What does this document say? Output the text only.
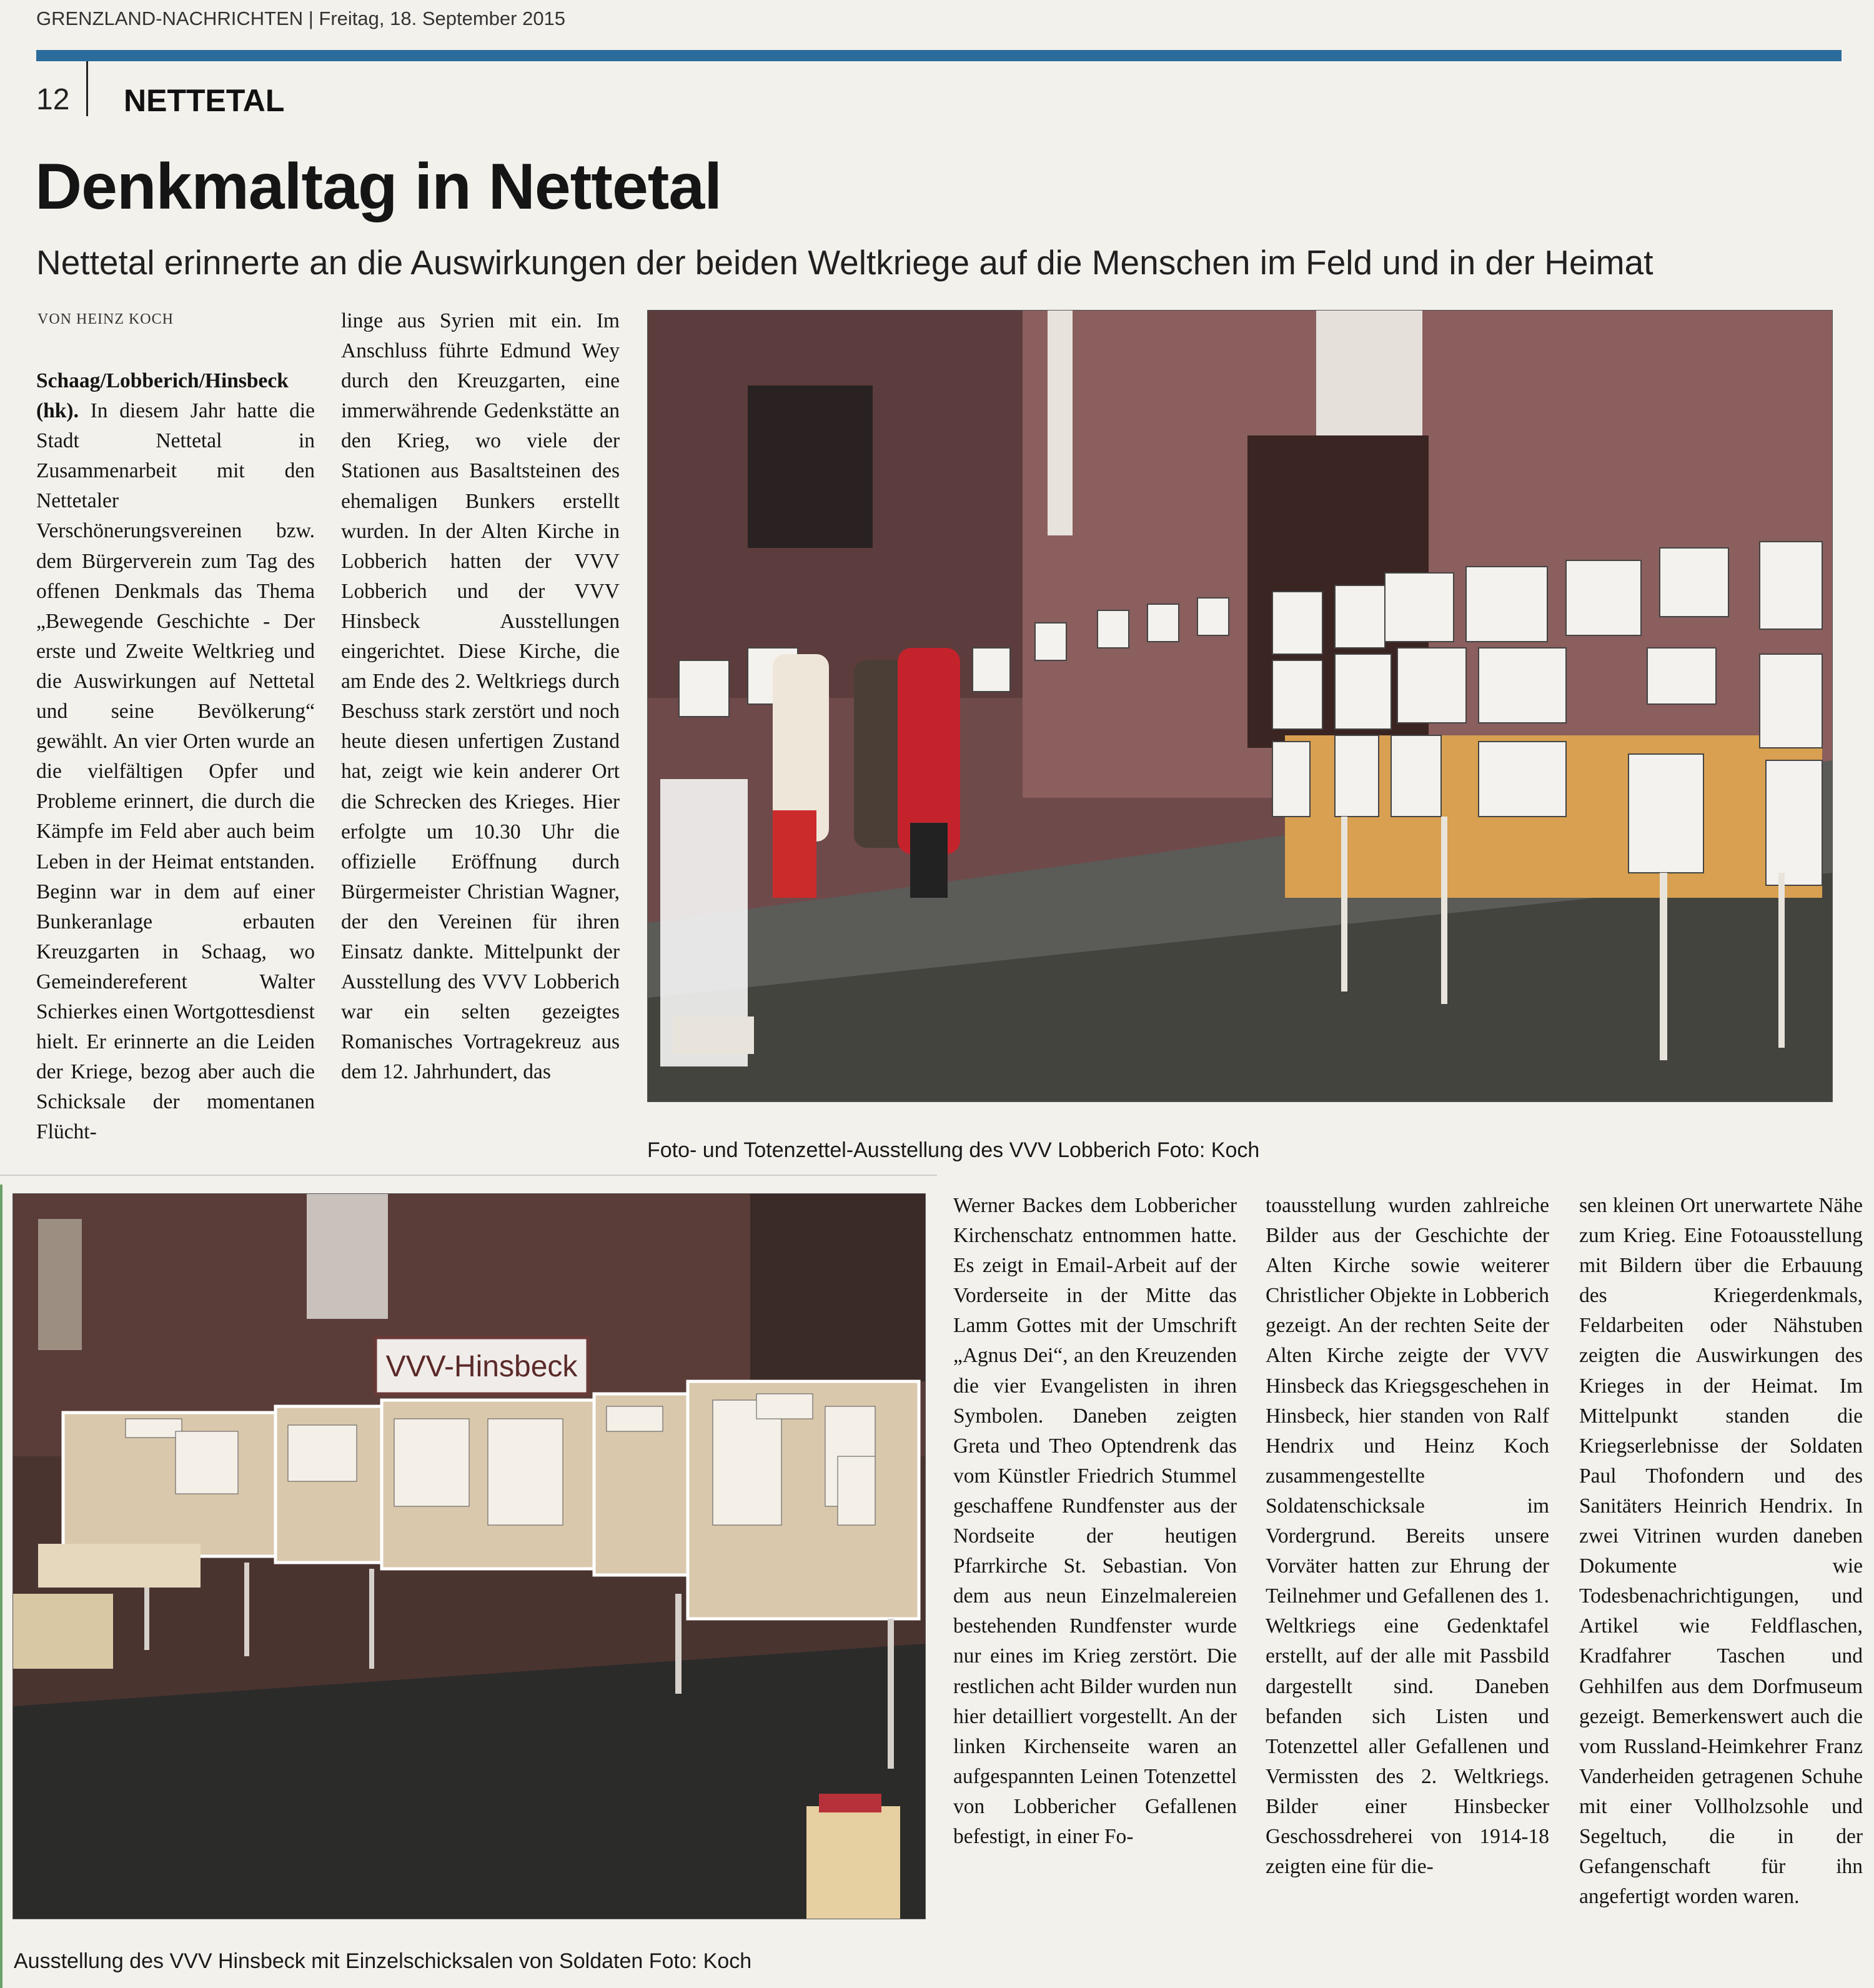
GRENZLAND-NACHRICHTEN | Freitag, 18. September 2015
12 NETTETAL
Denkmaltag in Nettetal
Nettetal erinnerte an die Auswirkungen der beiden Weltkriege auf die Menschen im Feld und in der Heimat
VON HEINZ KOCH
Schaag/Lobberich/Hinsbeck (hk). In diesem Jahr hatte die Stadt Nettetal in Zusammenarbeit mit den Nettetaler Verschönerungsvereinen bzw. dem Bürgerverein zum Tag des offenen Denkmals das Thema „Bewegende Geschichte - Der erste und Zweite Weltkrieg und die Auswirkungen auf Nettetal und seine Bevölkerung“ gewählt. An vier Orten wurde an die vielfältigen Opfer und Probleme erinnert, die durch die Kämpfe im Feld aber auch beim Leben in der Heimat entstanden. Beginn war in dem auf einer Bunkeranlage erbauten Kreuzgarten in Schaag, wo Gemeindereferent Walter Schierkes einen Wortgottesdienst hielt. Er erinnerte an die Leiden der Kriege, bezog aber auch die Schicksale der momentanen Flücht-
linge aus Syrien mit ein. Im Anschluss führte Edmund Wey durch den Kreuzgarten, eine immerwährende Gedenkstätte an den Krieg, wo viele der Stationen aus Basaltsteinen des ehemaligen Bunkers erstellt wurden. In der Alten Kirche in Lobberich hatten der VVV Lobberich und der VVV Hinsbeck Ausstellungen eingerichtet. Diese Kirche, die am Ende des 2. Weltkriegs durch Beschuss stark zerstört und noch heute diesen unfertigen Zustand hat, zeigt wie kein anderer Ort die Schrecken des Krieges. Hier erfolgte um 10.30 Uhr die offizielle Eröffnung durch Bürgermeister Christian Wagner, der den Vereinen für ihren Einsatz dankte. Mittelpunkt der Ausstellung des VVV Lobberich war ein selten gezeigtes Romanisches Vortragekreuz aus dem 12. Jahrhundert, das
Foto- und Totenzettel-Ausstellung des VVV Lobberich Foto: Koch
VVV-Hinsbeck
Ausstellung des VVV Hinsbeck mit Einzelschicksalen von Soldaten Foto: Koch
Werner Backes dem Lobbericher Kirchenschatz entnommen hatte. Es zeigt in Email-Arbeit auf der Vorderseite in der Mitte das Lamm Gottes mit der Umschrift „Agnus Dei“, an den Kreuzenden die vier Evangelisten in ihren Symbolen. Daneben zeigten Greta und Theo Optendrenk das vom Künstler Friedrich Stummel geschaffene Rundfenster aus der Nordseite der heutigen Pfarrkirche St. Sebastian. Von dem aus neun Einzelmalereien bestehenden Rundfenster wurde nur eines im Krieg zerstört. Die restlichen acht Bilder wurden nun hier detailliert vorgestellt. An der linken Kirchenseite waren an aufgespannten Leinen Totenzettel von Lobbericher Gefallenen befestigt, in einer Fo-
toausstellung wurden zahlreiche Bilder aus der Geschichte der Alten Kirche sowie weiterer Christlicher Objekte in Lobberich gezeigt. An der rechten Seite der Alten Kirche zeigte der VVV Hinsbeck das Kriegsgeschehen in Hinsbeck, hier standen von Ralf Hendrix und Heinz Koch zusammengestellte Soldatenschicksale im Vordergrund. Bereits unsere Vorväter hatten zur Ehrung der Teilnehmer und Gefallenen des 1. Weltkriegs eine Gedenktafel erstellt, auf der alle mit Passbild dargestellt sind. Daneben befanden sich Listen und Totenzettel aller Gefallenen und Vermissten des 2. Weltkriegs. Bilder einer Hinsbecker Geschossdreherei von 1914-18 zeigten eine für die-
sen kleinen Ort unerwartete Nähe zum Krieg. Eine Fotoausstellung mit Bildern über die Erbauung des Kriegerdenkmals, Feldarbeiten oder Nähstuben zeigten die Auswirkungen des Krieges in der Heimat. Im Mittelpunkt standen die Kriegserlebnisse der Soldaten Paul Thofondern und des Sanitäters Heinrich Hendrix. In zwei Vitrinen wurden daneben Dokumente wie Todesbenachrichtigungen, und Artikel wie Feldflaschen, Kradfahrer Taschen und Gehhilfen aus dem Dorfmuseum gezeigt. Bemerkenswert auch die vom Russland-Heimkehrer Franz Vanderheiden getragenen Schuhe mit einer Vollholzsohle und Segeltuch, die in der Gefangenschaft für ihn angefertigt worden waren.
